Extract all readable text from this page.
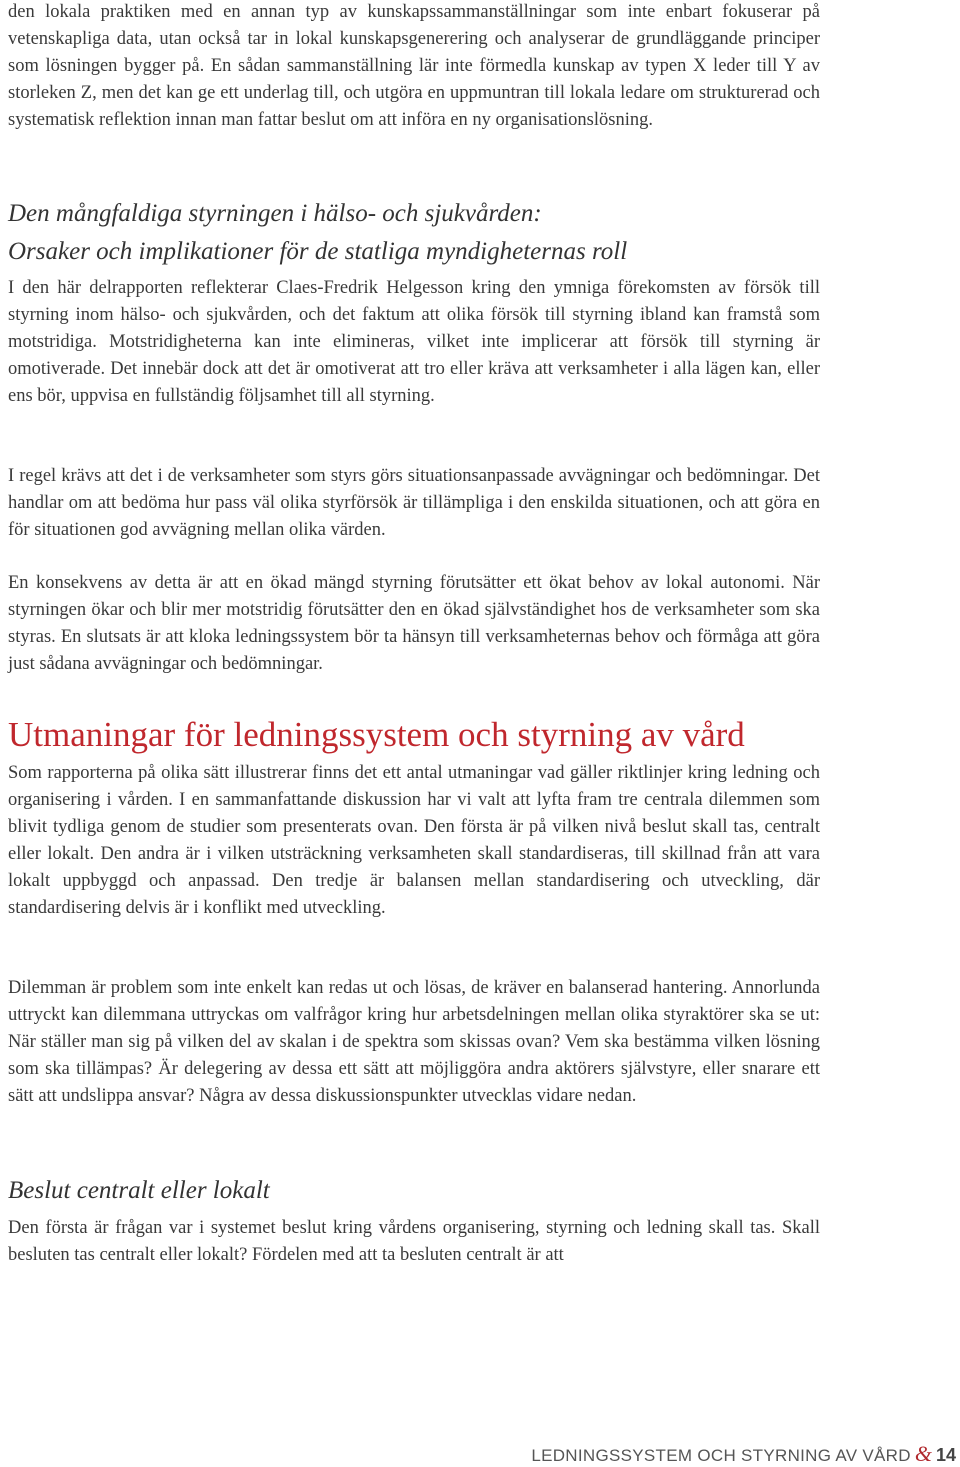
den lokala praktiken med en annan typ av kunskapssammanställningar som inte enbart fokuserar på vetenskapliga data, utan också tar in lokal kunskapsgenerering och analyserar de grundläggande principer som lösningen bygger på. En sådan sammanställning lär inte förmedla kunskap av typen X leder till Y av storleken Z, men det kan ge ett underlag till, och utgöra en uppmuntran till lokala ledare om strukturerad och systematisk reflektion innan man fattar beslut om att införa en ny organisationslösning.

Den mångfaldiga styrningen i hälso- och sjukvården:
Orsaker och implikationer för de statliga myndigheternas roll

I den här delrapporten reflekterar Claes-Fredrik Helgesson kring den ymniga förekomsten av försök till styrning inom hälso- och sjukvården, och det faktum att olika försök till styrning ibland kan framstå som motstridiga. Motstridigheterna kan inte elimineras, vilket inte implicerar att försök till styrning är omotiverade. Det innebär dock att det är omotiverat att tro eller kräva att verksamheter i alla lägen kan, eller ens bör, uppvisa en fullständig följsamhet till all styrning.

I regel krävs att det i de verksamheter som styrs görs situationsanpassade avvägningar och bedömningar. Det handlar om att bedöma hur pass väl olika styrförsök är tillämpliga i den enskilda situationen, och att göra en för situationen god avvägning mellan olika värden.

En konsekvens av detta är att en ökad mängd styrning förutsätter ett ökat behov av lokal autonomi. När styrningen ökar och blir mer motstridig förutsätter den en ökad självständighet hos de verksamheter som ska styras. En slutsats är att kloka ledningssystem bör ta hänsyn till verksamheternas behov och förmåga att göra just sådana avvägningar och bedömningar.

Utmaningar för ledningssystem och styrning av vård

Som rapporterna på olika sätt illustrerar finns det ett antal utmaningar vad gäller riktlinjer kring ledning och organisering i vården. I en sammanfattande diskussion har vi valt att lyfta fram tre centrala dilemmen som blivit tydliga genom de studier som presenterats ovan. Den första är på vilken nivå beslut skall tas, centralt eller lokalt. Den andra är i vilken utsträckning verksamheten skall standardiseras, till skillnad från att vara lokalt uppbyggd och anpassad. Den tredje är balansen mellan standardisering och utveckling, där standardisering delvis är i konflikt med utveckling.

Dilemman är problem som inte enkelt kan redas ut och lösas, de kräver en balanserad hantering. Annorlunda uttryckt kan dilemmana uttryckas om valfrågor kring hur arbetsdelningen mellan olika styraktörer ska se ut: När ställer man sig på vilken del av skalan i de spektra som skissas ovan? Vem ska bestämma vilken lösning som ska tillämpas? Är delegering av dessa ett sätt att möjliggöra andra aktörers självstyre, eller snarare ett sätt att undslippa ansvar? Några av dessa diskussionspunkter utvecklas vidare nedan.

Beslut centralt eller lokalt

Den första är frågan var i systemet beslut kring vårdens organisering, styrning och ledning skall tas. Skall besluten tas centralt eller lokalt? Fördelen med att ta besluten centralt är att

LEDNINGSSYSTEM OCH STYRNING AV VÅRD & 14
